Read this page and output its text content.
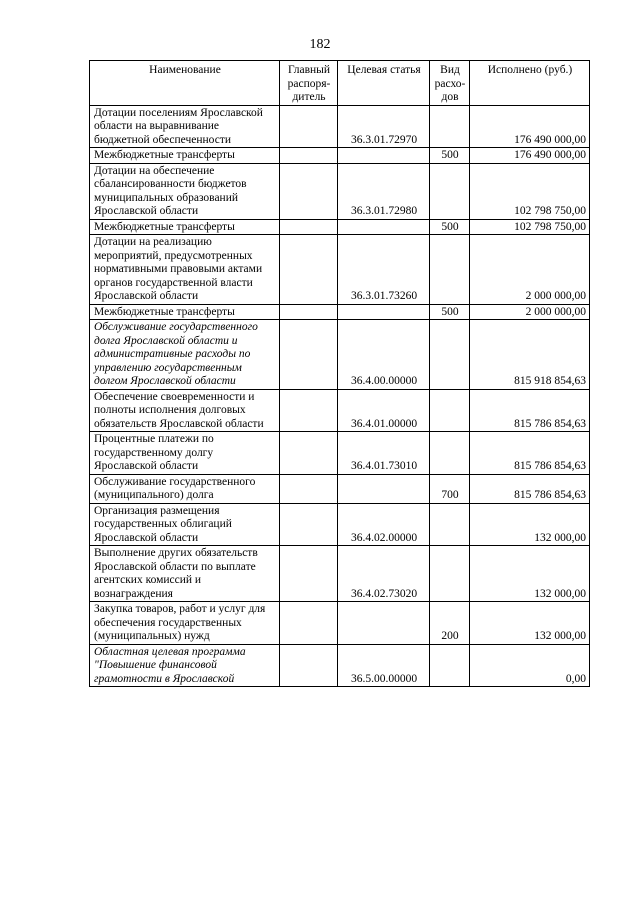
182
Наименование	Главный распоря-дитель	Целевая статья	Вид расхо-дов	Исполнено (руб.)
Дотации поселениям Ярославской области на выравнивание бюджетной обеспеченности		36.3.01.72970		176 490 000,00
Межбюджетные трансферты			500	176 490 000,00
Дотации на обеспечение сбалансированности бюджетов муниципальных образований Ярославской области		36.3.01.72980		102 798 750,00
Межбюджетные трансферты			500	102 798 750,00
Дотации на реализацию мероприятий, предусмотренных нормативными правовыми актами органов государственной власти Ярославской области		36.3.01.73260		2 000 000,00
Межбюджетные трансферты			500	2 000 000,00
Обслуживание государственного долга Ярославской области и административные расходы по управлению государственным долгом Ярославской области		36.4.00.00000		815 918 854,63
Обеспечение своевременности и полноты исполнения долговых обязательств Ярославской области		36.4.01.00000		815 786 854,63
Процентные платежи по государственному долгу Ярославской области		36.4.01.73010		815 786 854,63
Обслуживание государственного (муниципального) долга			700	815 786 854,63
Организация размещения государственных облигаций Ярославской области		36.4.02.00000		132 000,00
Выполнение других обязательств Ярославской области по выплате агентских комиссий и вознаграждения		36.4.02.73020		132 000,00
Закупка товаров, работ и услуг для обеспечения государственных (муниципальных) нужд			200	132 000,00
Областная целевая программа "Повышение финансовой грамотности в Ярославской		36.5.00.00000		0,00
